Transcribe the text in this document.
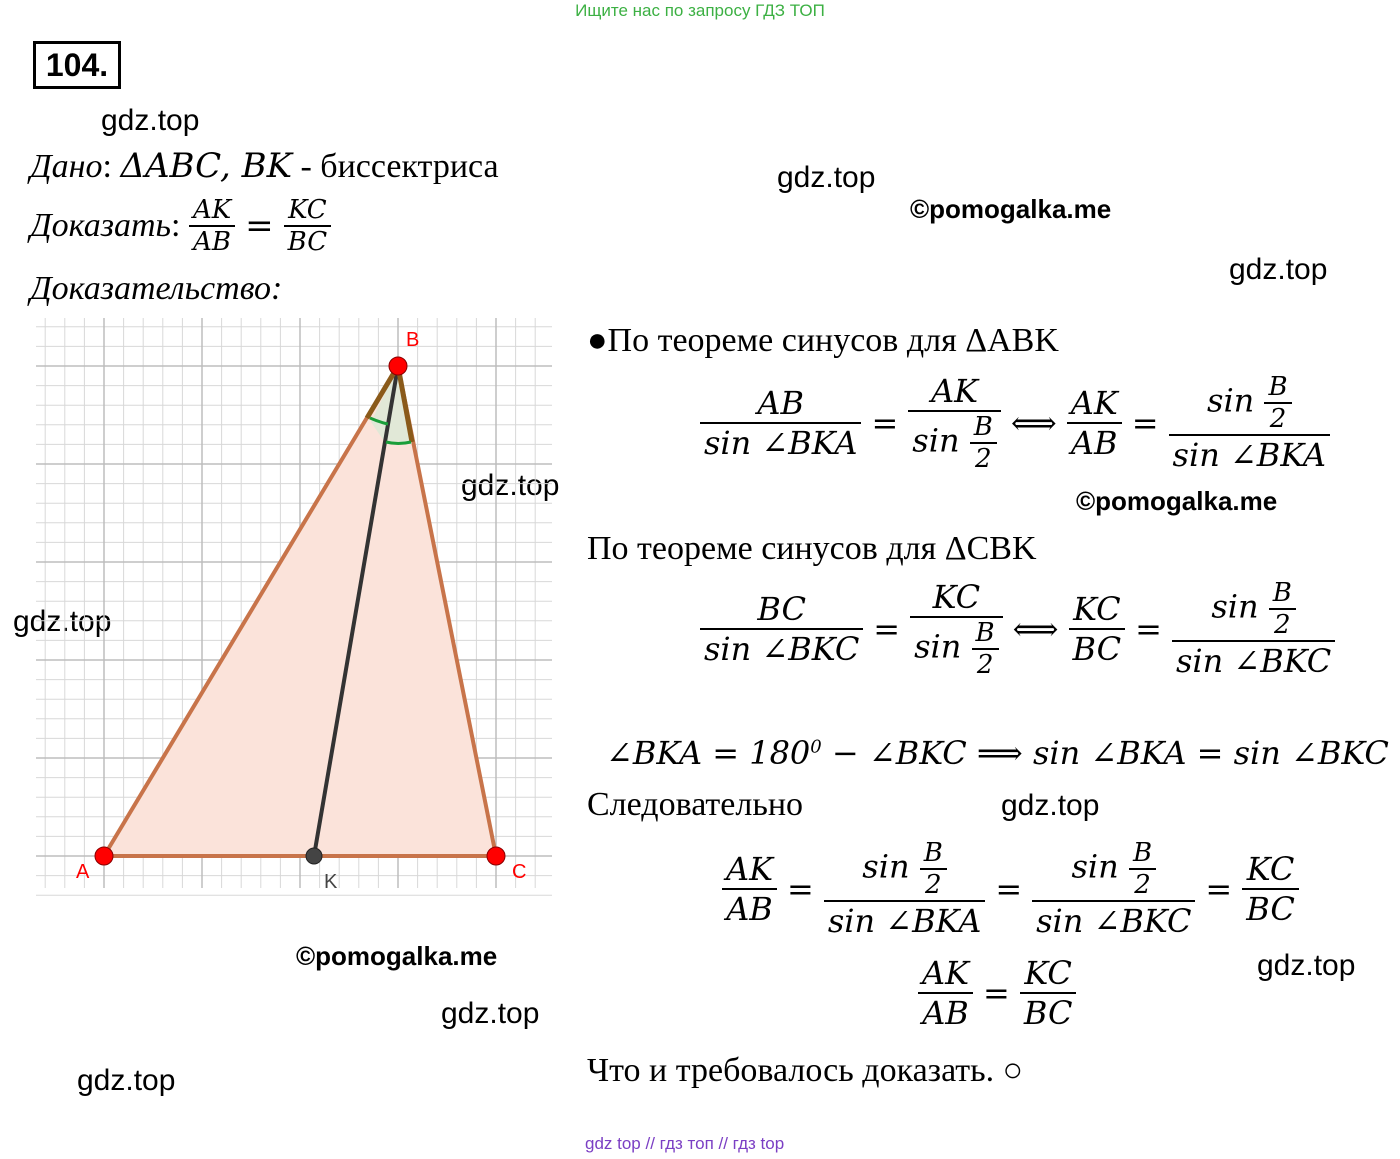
Ищите нас по запросу ГДЗ ТОП
104.
gdz.top
gdz.top
©pomogalka.me
gdz.top
gdz.top	©pomogalka.me
gdz.top
gdz.top
©pomogalka.me	gdz.top
gdz.top
gdz.top
Дано: ΔABC, BK - биссектриса
Доказать : $\frac{AK}{AB} = \frac{KC}{BC}$
Доказательство:
A
B
C
K
●По теореме синусов для ΔABK
$\frac{AB}{\text{sin ∠BKA}} = \frac{AK}{\sin \frac{B}{2}}$ ⟺ $\frac{AK}{AB} = \frac{\sin \frac{B}{2}}{\text{sin ∠BKA}}$
По теореме синусов для ΔCBK
$\frac{BC}{\text{sin ∠BKC}} = \frac{KC}{\sin \frac{B}{2}}$ ⟺ $\frac{KC}{BC} = \frac{\sin \frac{B}{2}}{\text{sin ∠BKC}}$
∠BKA = $180^0$ − ∠BKC ⟹ sin ∠BKA = sin ∠BKC
Следовательно
$\frac{AK}{AB} = \frac{\sin \frac{B}{2}}{\text{sin ∠BKA}} = \frac{\sin \frac{B}{2}}{\text{sin ∠BKC}} = \frac{KC}{BC}$
$\frac{AK}{AB} = \frac{KC}{BC}$
Что и требовалось доказать. ○
gdz top // гдз топ // гдз top
